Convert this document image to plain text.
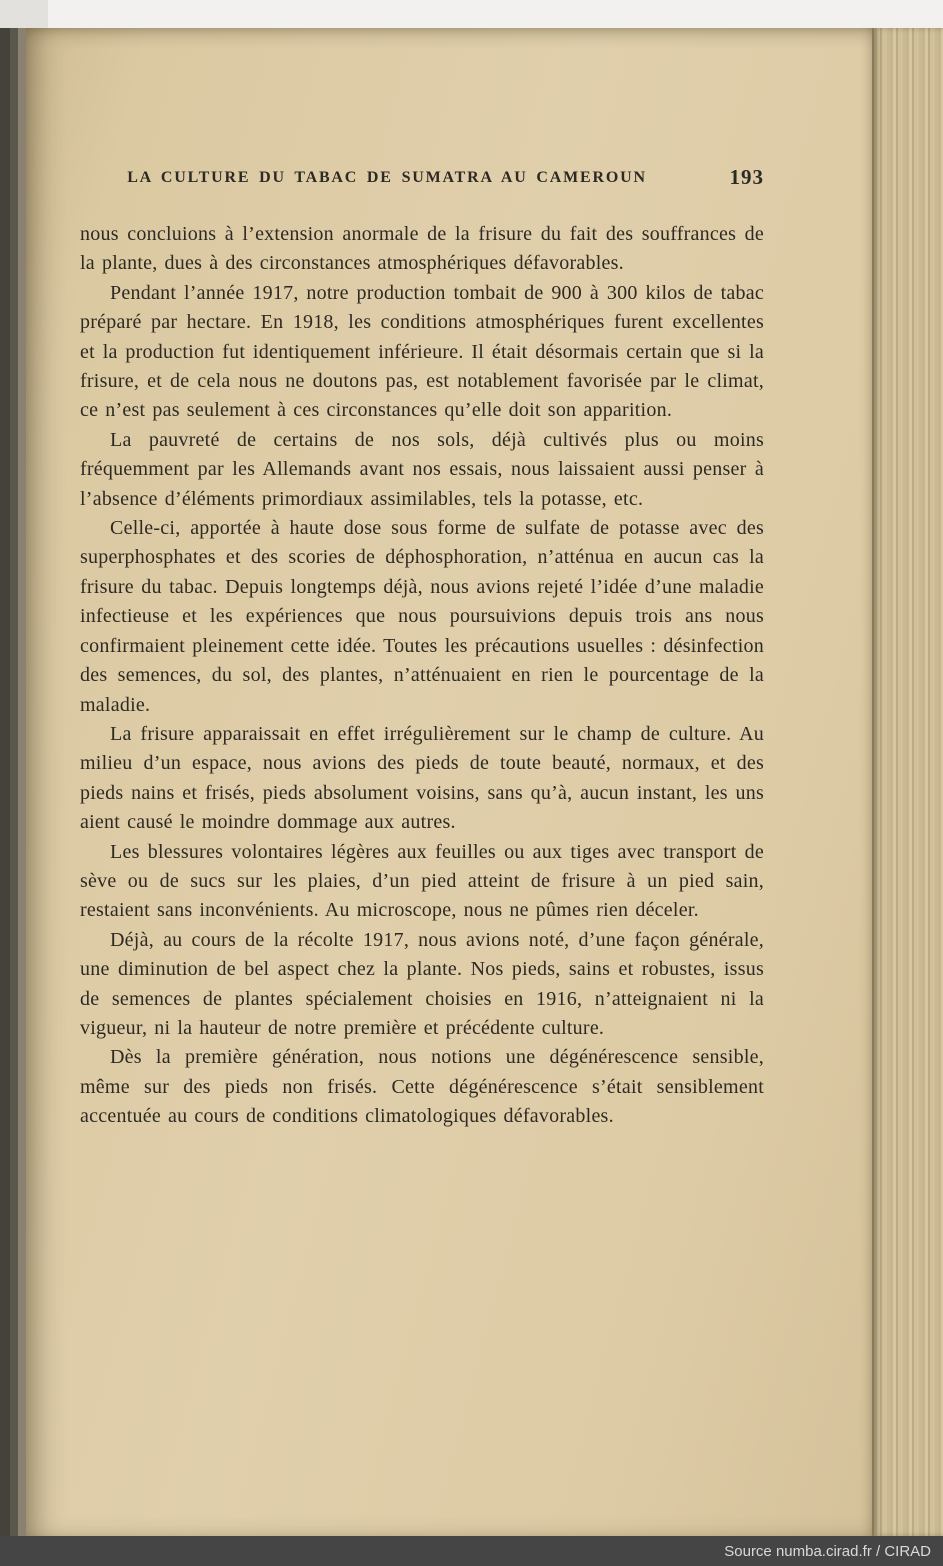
LA CULTURE DU TABAC DE SUMATRA AU CAMEROUN	193

nous concluions à l’extension anormale de la frisure du fait des souffrances de la plante, dues à des circonstances atmosphériques défavorables.

Pendant l’année 1917, notre production tombait de 900 à 300 kilos de tabac préparé par hectare. En 1918, les conditions atmosphériques furent excellentes et la production fut identiquement inférieure. Il était désormais certain que si la frisure, et de cela nous ne doutons pas, est notablement favorisée par le climat, ce n’est pas seulement à ces circonstances qu’elle doit son apparition.

La pauvreté de certains de nos sols, déjà cultivés plus ou moins fréquemment par les Allemands avant nos essais, nous laissaient aussi penser à l’absence d’éléments primordiaux assimilables, tels la potasse, etc.

Celle-ci, apportée à haute dose sous forme de sulfate de potasse avec des superphosphates et des scories de déphosphoration, n’atténua en aucun cas la frisure du tabac. Depuis longtemps déjà, nous avions rejeté l’idée d’une maladie infectieuse et les expériences que nous poursuivions depuis trois ans nous confirmaient pleinement cette idée. Toutes les précautions usuelles : désinfection des semences, du sol, des plantes, n’atténuaient en rien le pourcentage de la maladie.

La frisure apparaissait en effet irrégulièrement sur le champ de culture. Au milieu d’un espace, nous avions des pieds de toute beauté, normaux, et des pieds nains et frisés, pieds absolument voisins, sans qu’à, aucun instant, les uns aient causé le moindre dommage aux autres.

Les blessures volontaires légères aux feuilles ou aux tiges avec transport de sève ou de sucs sur les plaies, d’un pied atteint de frisure à un pied sain, restaient sans inconvénients. Au microscope, nous ne pûmes rien déceler.

Déjà, au cours de la récolte 1917, nous avions noté, d’une façon générale, une diminution de bel aspect chez la plante. Nos pieds, sains et robustes, issus de semences de plantes spécialement choisies en 1916, n’atteignaient ni la vigueur, ni la hauteur de notre première et précédente culture.

Dès la première génération, nous notions une dégénérescence sensible, même sur des pieds non frisés. Cette dégénérescence s’était sensiblement accentuée au cours de conditions climatologiques défavorables.

Source numba.cirad.fr / CIRAD
